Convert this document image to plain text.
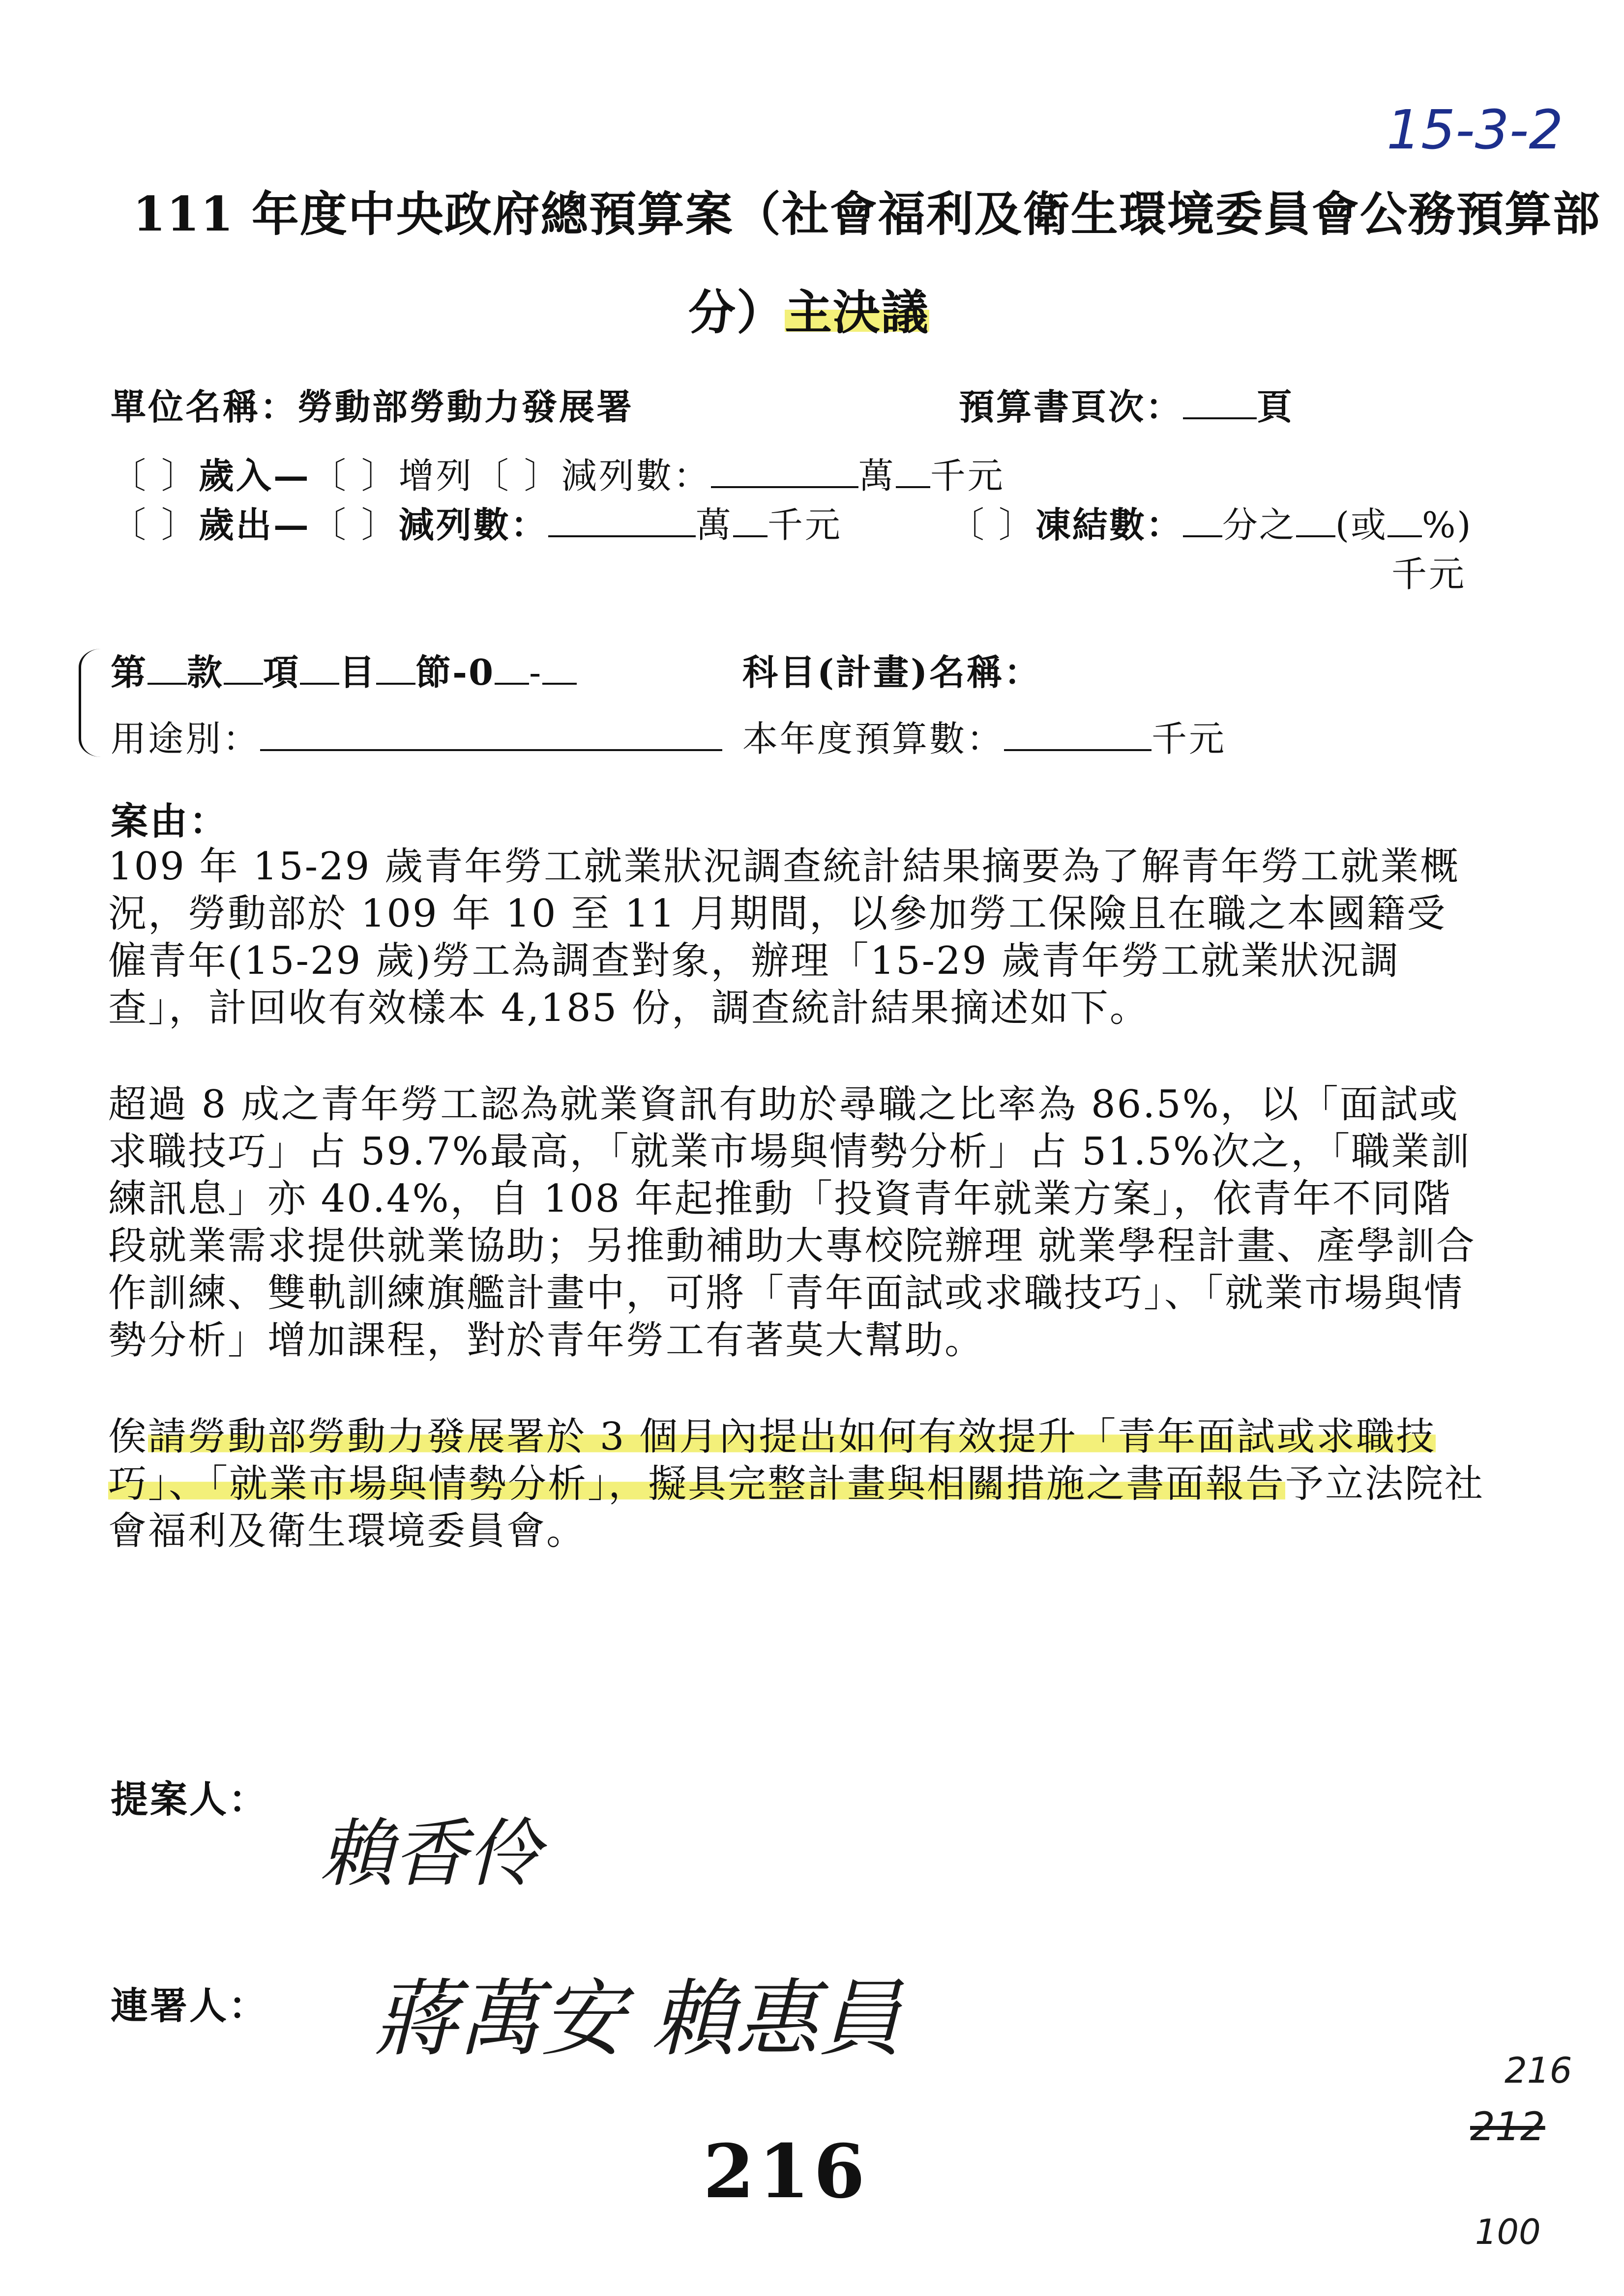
15-3-2
111 年度中央政府總預算案（社會福利及衛生環境委員會公務預算部
分）主決議
單位名稱：勞動部勞動力發展署	預算書頁次： 頁
〔 〕歲入—〔 〕增列〔 〕減列數：	萬 千元
〔 〕歲出—〔 〕減列數：	萬 千元	〔 〕凍結數： 分之 (或 %)
千元
第 款 項 目 節-0 -	科目(計畫)名稱：
用途別：	本年度預算數：	千元
案由：

109 年 15-29 歲青年勞工就業狀況調查統計結果摘要為了解青年勞工就業概況，勞動部於 109 年 10 至 11 月期間，以參加勞工保險且在職之本國籍受僱青年(15-29 歲)勞工為調查對象，辦理「15-29 歲青年勞工就業狀況調查」，計回收有效樣本 4,185 份，調查統計結果摘述如下。

超過 8 成之青年勞工認為就業資訊有助於尋職之比率為 86.5%，以「面試或求職技巧」占 59.7%最高，「就業市場與情勢分析」占 51.5%次之，「職業訓練訊息」亦 40.4%，自 108 年起推動「投資青年就業方案」，依青年不同階段就業需求提供就業協助；另推動補助大專校院辦理 就業學程計畫、產學訓合作訓練、雙軌訓練旗艦計畫中，可將「青年面試或求職技巧」、「就業市場與情勢分析」增加課程，對於青年勞工有著莫大幫助。

俟請勞動部勞動力發展署於 3 個月內提出如何有效提升「青年面試或求職技巧」、「就業市場與情勢分析」，擬具完整計畫與相關措施之書面報告予立法院社會福利及衛生環境委員會。

提案人：
賴香伶
連署人： 蔣萬安 賴惠員
216
216
212
100
